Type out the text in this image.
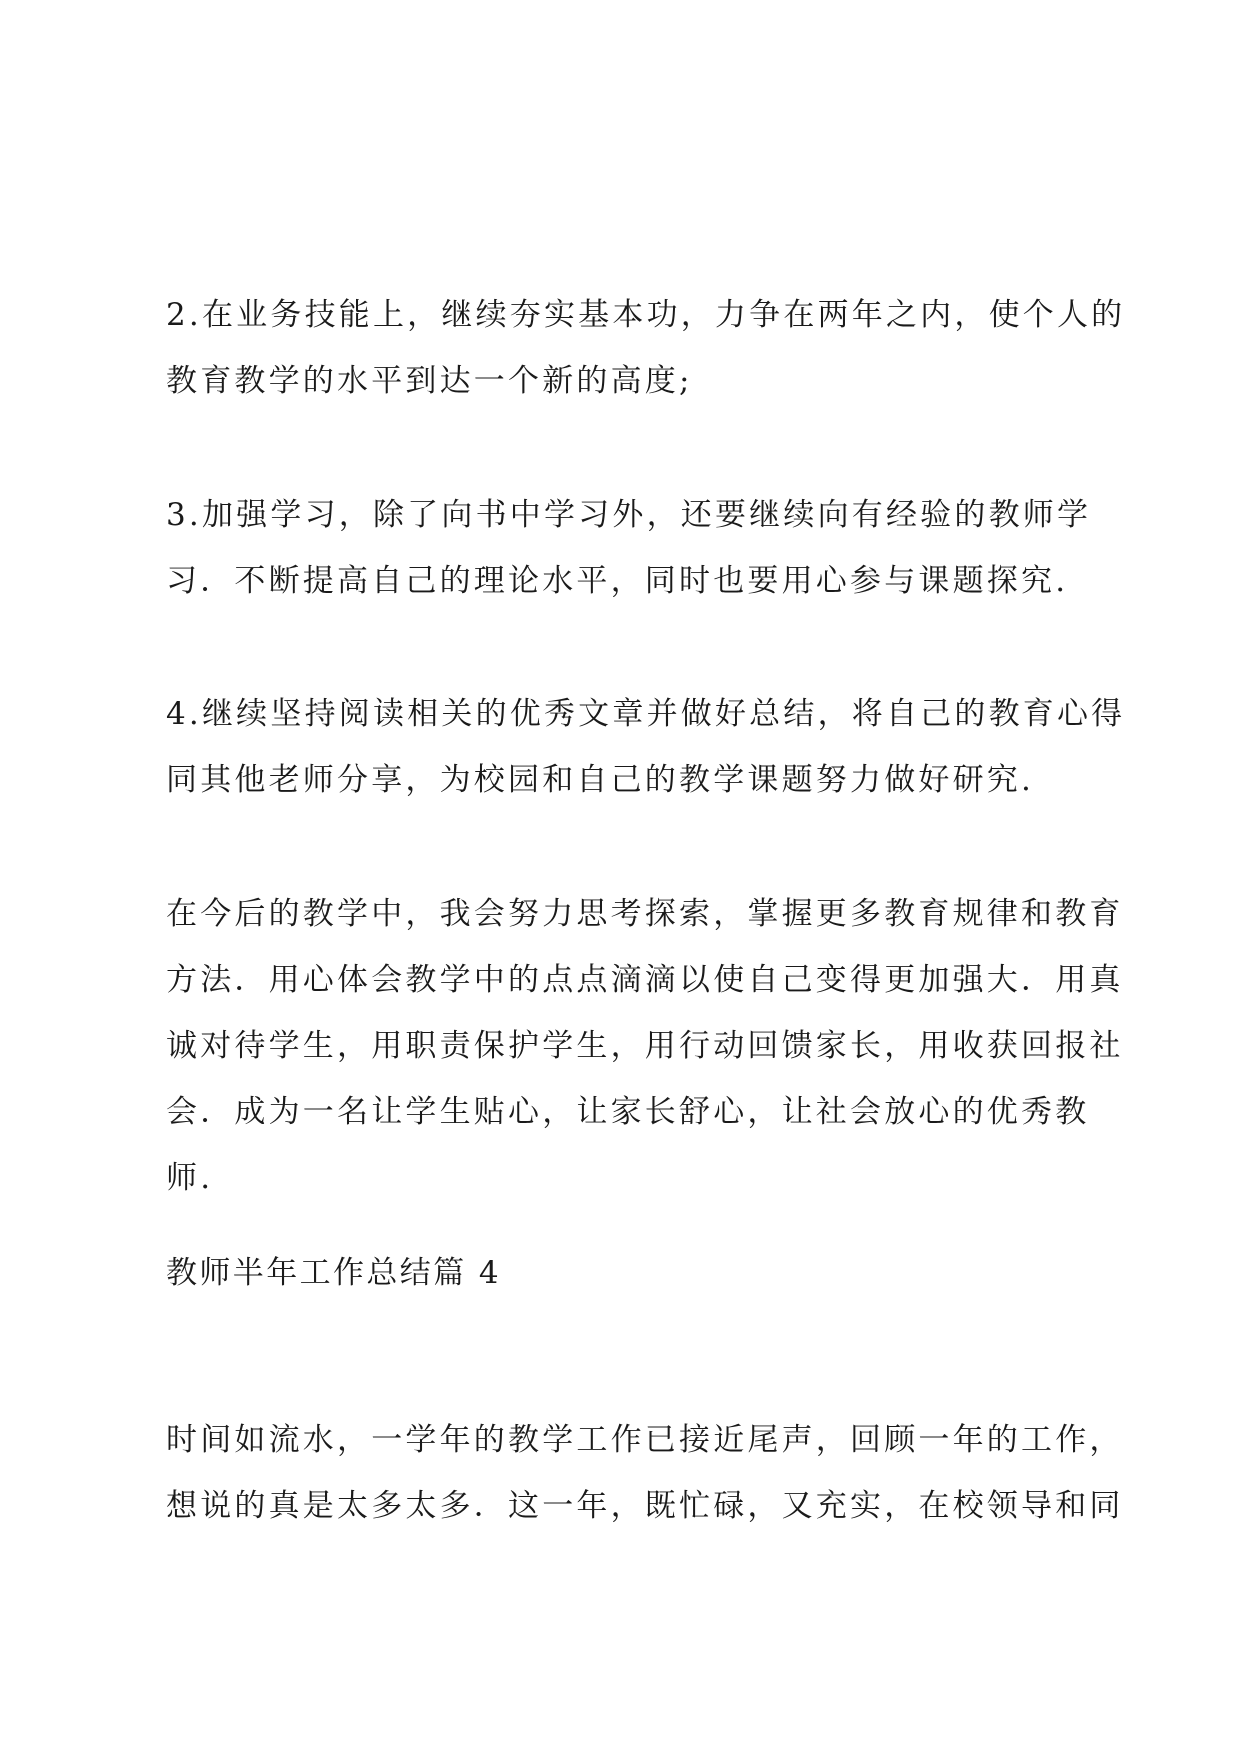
2.在业务技能上，继续夯实基本功，力争在两年之内，使个人的
教育教学的水平到达一个新的高度;
3.加强学习，除了向书中学习外，还要继续向有经验的教师学
习．不断提高自己的理论水平，同时也要用心参与课题探究.
4.继续坚持阅读相关的优秀文章并做好总结，将自己的教育心得
同其他老师分享，为校园和自己的教学课题努力做好研究.
在今后的教学中，我会努力思考探索，掌握更多教育规律和教育
方法．用心体会教学中的点点滴滴以使自己变得更加强大．用真
诚对待学生，用职责保护学生，用行动回馈家长，用收获回报社
会．成为一名让学生贴心，让家长舒心，让社会放心的优秀教
师.
教师半年工作总结篇 4
时间如流水，一学年的教学工作已接近尾声，回顾一年的工作，
想说的真是太多太多．这一年，既忙碌，又充实，在校领导和同
